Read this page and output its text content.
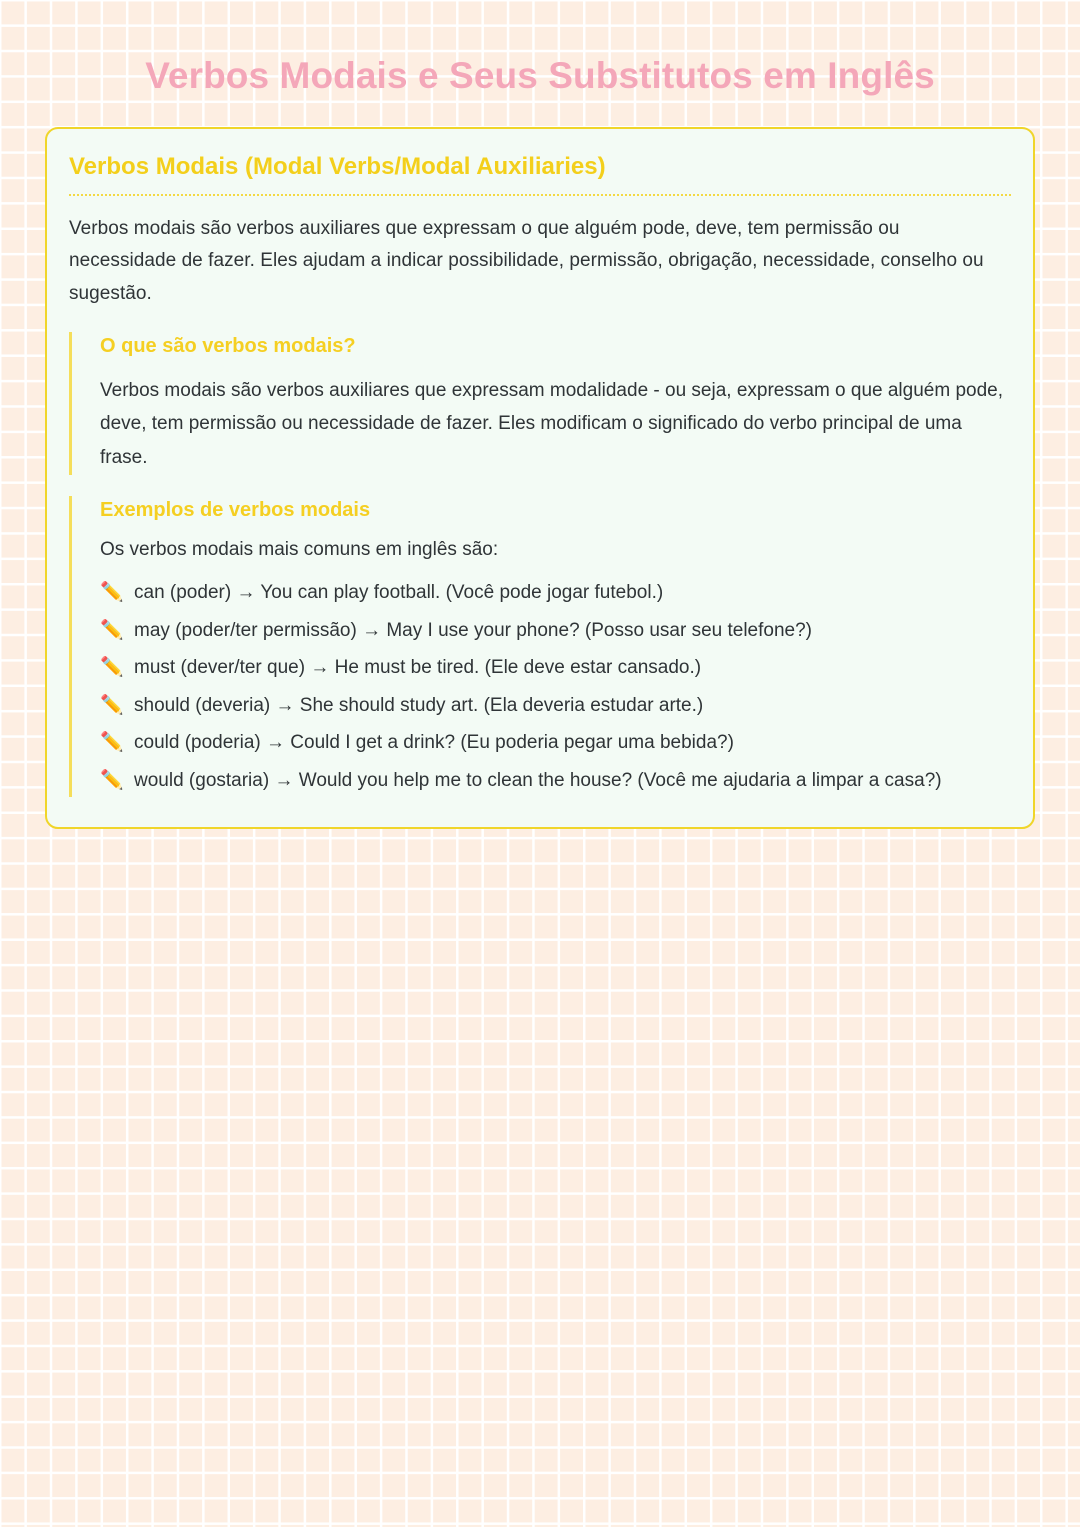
Verbos Modais e Seus Substitutos em Inglês
Verbos Modais (Modal Verbs/Modal Auxiliaries)

Verbos modais são verbos auxiliares que expressam o que alguém pode, deve, tem permissão ou necessidade de fazer. Eles ajudam a indicar possibilidade, permissão, obrigação, necessidade, conselho ou sugestão.

O que são verbos modais?

Verbos modais são verbos auxiliares que expressam modalidade - ou seja, expressam o que alguém pode, deve, tem permissão ou necessidade de fazer. Eles modificam o significado do verbo principal de uma frase.

Exemplos de verbos modais

Os verbos modais mais comuns em inglês são:

✏️ can (poder) → You can play football. (Você pode jogar futebol.)
✏️ may (poder/ter permissão) → May I use your phone? (Posso usar seu telefone?)
✏️ must (dever/ter que) → He must be tired. (Ele deve estar cansado.)
✏️ should (deveria) → She should study art. (Ela deveria estudar arte.)
✏️ could (poderia) → Could I get a drink? (Eu poderia pegar uma bebida?)
✏️ would (gostaria) → Would you help me to clean the house? (Você me ajudaria a limpar a casa?)
